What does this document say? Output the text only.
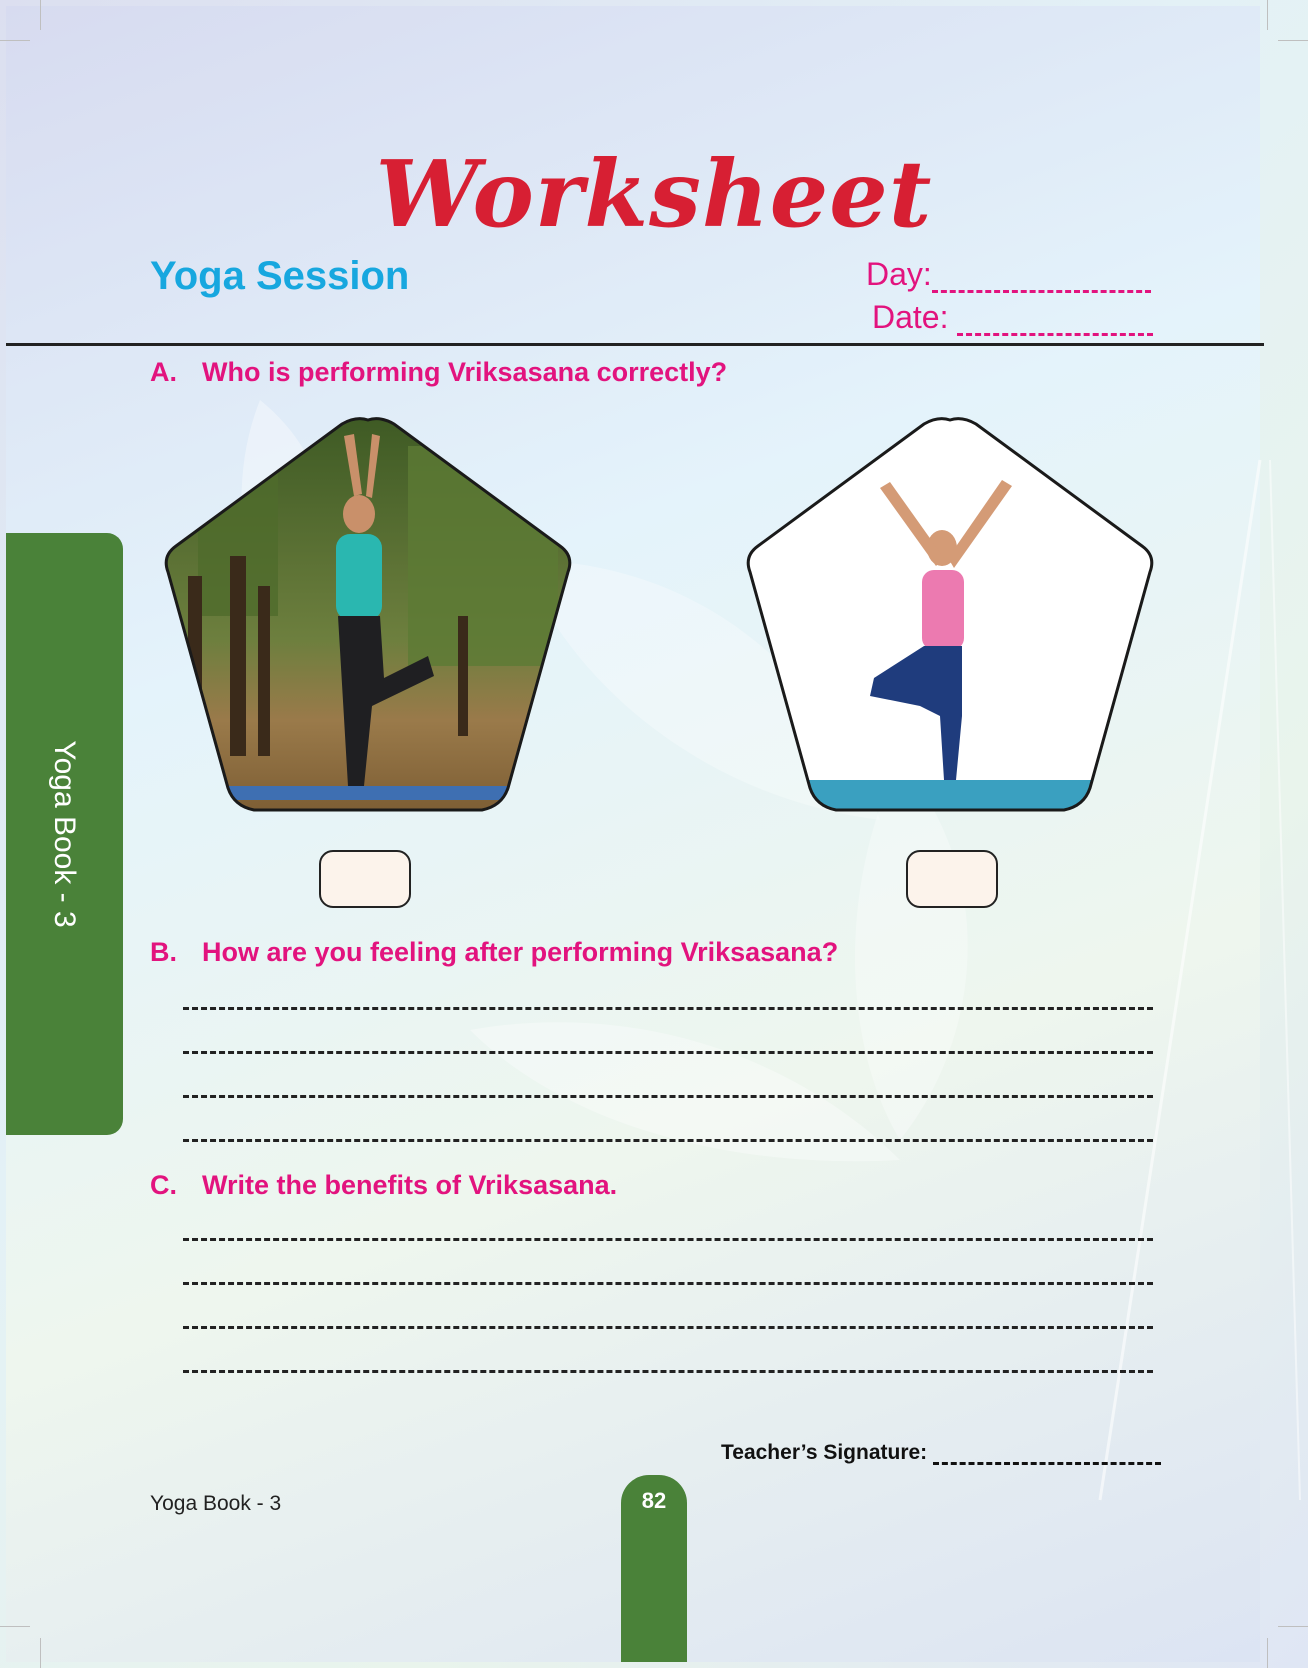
Worksheet
Yoga Session	Day:
Date:
Yoga Book - 3
A. Who is performing Vriksasana correctly?
B. How are you feeling after performing Vriksasana?
C. Write the benefits of Vriksasana.
Teacher’s Signature:
Yoga Book - 3	82
